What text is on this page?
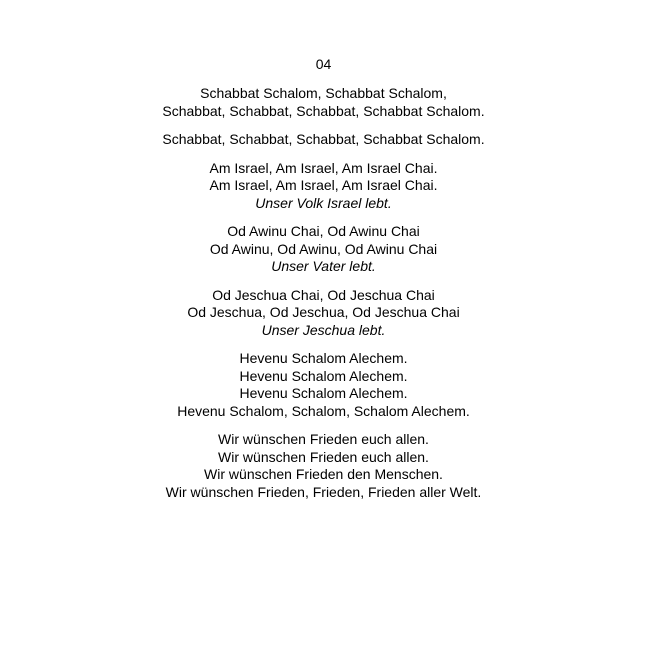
04
Schabbat Schalom, Schabbat Schalom,
Schabbat, Schabbat, Schabbat, Schabbat Schalom.
Schabbat, Schabbat, Schabbat, Schabbat Schalom.
Am Israel, Am Israel, Am Israel Chai.
Am Israel, Am Israel, Am Israel Chai.
Unser Volk Israel lebt.
Od Awinu Chai, Od Awinu Chai
Od Awinu, Od Awinu, Od Awinu Chai
Unser Vater lebt.
Od Jeschua Chai, Od Jeschua Chai
Od Jeschua, Od Jeschua, Od Jeschua Chai
Unser Jeschua lebt.
Hevenu Schalom Alechem.
Hevenu Schalom Alechem.
Hevenu Schalom Alechem.
Hevenu Schalom, Schalom, Schalom Alechem.
Wir wünschen Frieden euch allen.
Wir wünschen Frieden euch allen.
Wir wünschen Frieden den Menschen.
Wir wünschen Frieden, Frieden, Frieden aller Welt.
